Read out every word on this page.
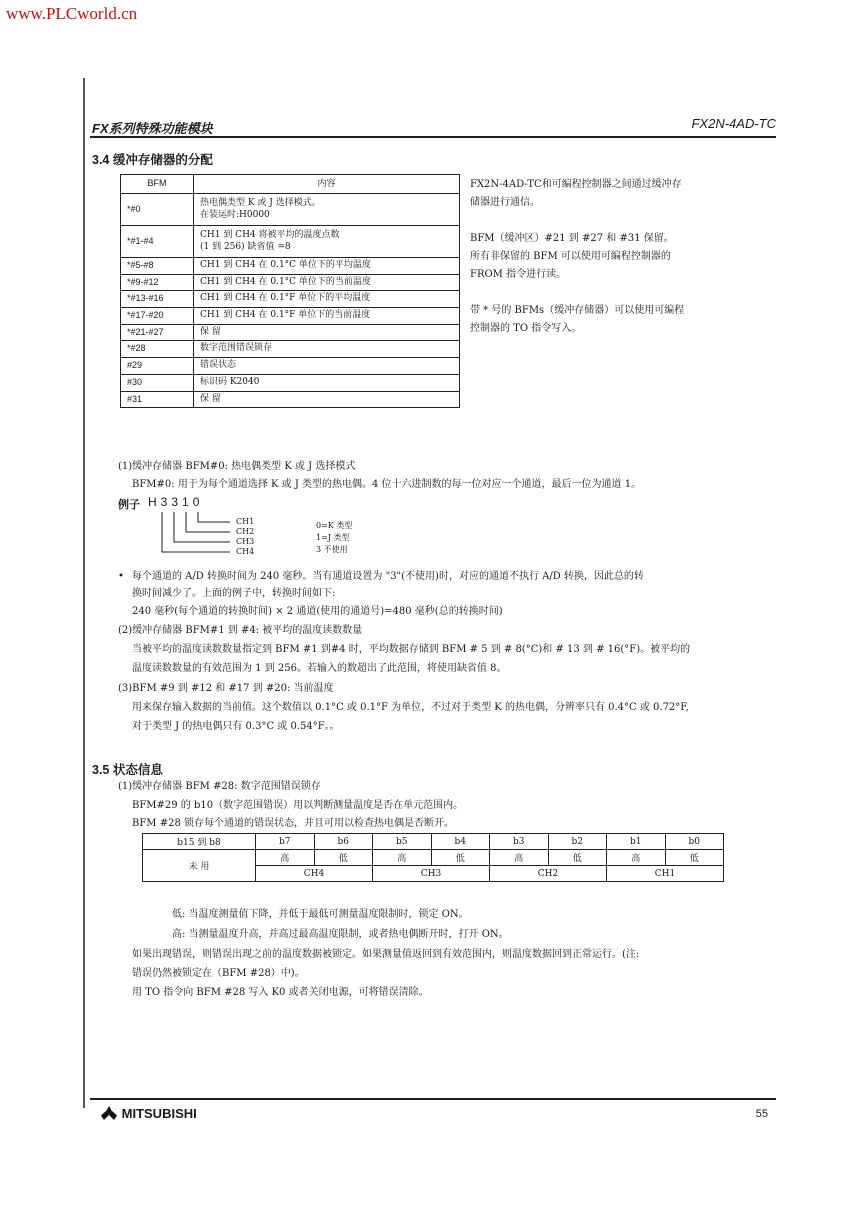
www.PLCworld.cn
FX系列特殊功能模块	FX2N-4AD-TC
3.4 缓冲存储器的分配
BFM	内容
*#0	热电偶类型 K 或 J 选择模式。
在装运时:H0000

*#1-#4	CH1 到 CH4 将被平均的温度点数
(1 到 256) 缺省值 =8

*#5-#8	CH1 到 CH4 在 0.1°C 单位下的平均温度
*#9-#12	CH1 到 CH4 在 0.1°C 单位下的当前温度
*#13-#16	CH1 到 CH4 在 0.1°F 单位下的平均温度
*#17-#20	CH1 到 CH4 在 0.1°F 单位下的当前温度
*#21-#27	保 留
*#28	数字范围错误锁存
#29	错误状态
#30	标识码 K2040
#31	保 留
FX2N-4AD-TC和可编程控制器之间通过缓冲存
储器进行通信。
BFM（缓冲区）#21 到 #27 和 #31 保留。
所有非保留的 BFM 可以使用可编程控制器的
FROM 指令进行读。
带 * 号的 BFMs（缓冲存储器）可以使用可编程
控制器的 TO 指令写入。
(1)缓冲存储器 BFM#0: 热电偶类型 K 或 J 选择模式
BFM#0: 用于为每个通道选择 K 或 J 类型的热电偶。4 位十六进制数的每一位对应一个通道，最后一位为通道 1。
例子 H3310
CH1
CH2
CH3
CH4
0=K 类型
1=J 类型
3 不使用
• 每个通道的 A/D 转换时间为 240 毫秒。当有通道设置为 "3"(不使用)时，对应的通道不执行 A/D 转换，因此总的转
换时间减少了。上面的例子中，转换时间如下:
240 毫秒(每个通道的转换时间) × 2 通道(使用的通道号)=480 毫秒(总的转换时间)
(2)缓冲存储器 BFM#1 到 #4: 被平均的温度读数数量
当被平均的温度读数数量指定到 BFM #1 到#4 时，平均数据存储到 BFM # 5 到 # 8(°C)和 # 13 到 # 16(°F)。被平均的
温度读数数量的有效范围为 1 到 256。若输入的数超出了此范围，将使用缺省值 8。
(3)BFM #9 到 #12 和 #17 到 #20: 当前温度
用来保存输入数据的当前值。这个数值以 0.1°C 或 0.1°F 为单位，不过对于类型 K 的热电偶，分辨率只有 0.4°C 或 0.72°F,
对于类型 J 的热电偶只有 0.3°C 或 0.54°F。。
3.5 状态信息
(1)缓冲存储器 BFM #28: 数字范围错误锁存
BFM#29 的 b10（数字范围错误）用以判断测量温度是否在单元范围内。
BFM #28 锁存每个通道的错误状态，并且可用以检查热电偶是否断开。
b15 到 b8	b7	b6	b5	b4	b3	b2	b1	b0
未 用	高	低	高	低	高	低	高	低
	CH4		CH3		CH2		CH1	
低: 当温度测量值下降，并低于最低可测量温度限制时，锁定 ON。
高: 当测量温度升高，并高过最高温度限制，或者热电偶断开时，打开 ON。
如果出现错误，则错误出现之前的温度数据被锁定。如果测量值返回到有效范围内，则温度数据回到正常运行。(注:
错误仍然被锁定在（BFM #28）中)。
用 TO 指令向 BFM #28 写入 K0 或者关闭电源，可将错误清除。
MITSUBISHI	55
